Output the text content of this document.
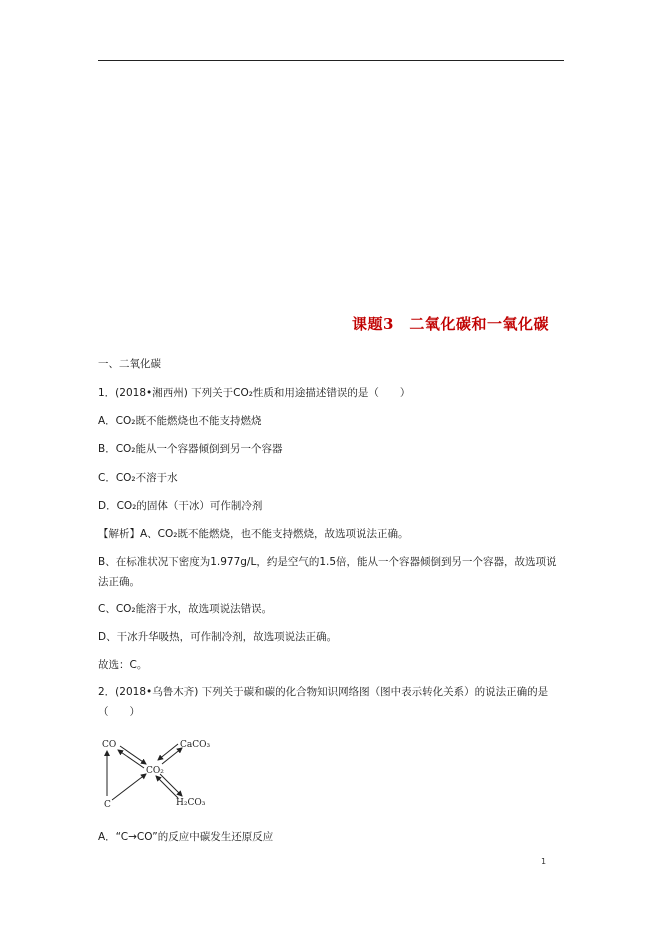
课题3　二氧化碳和一氧化碳
一、二氧化碳
1．(2018•湘西州) 下列关于CO₂性质和用途描述错误的是（　　）
A．CO₂既不能燃烧也不能支持燃烧
B．CO₂能从一个容器倾倒到另一个容器
C．CO₂不溶于水
D．CO₂的固体（干冰）可作制冷剂
【解析】A、CO₂既不能燃烧，也不能支持燃烧，故选项说法正确。
B、在标准状况下密度为1.977g/L，约是空气的1.5倍，能从一个容器倾倒到另一个容器，故选项说法正确。
C、CO₂能溶于水，故选项说法错误。
D、干冰升华吸热，可作制冷剂，故选项说法正确。
故选：C。
2．(2018•乌鲁木齐) 下列关于碳和碳的化合物知识网络图（图中表示转化关系）的说法正确的是（　　）
CO
CO₂
C
CaCO₃
H₂CO₃
A．“C→CO”的反应中碳发生还原反应
1
